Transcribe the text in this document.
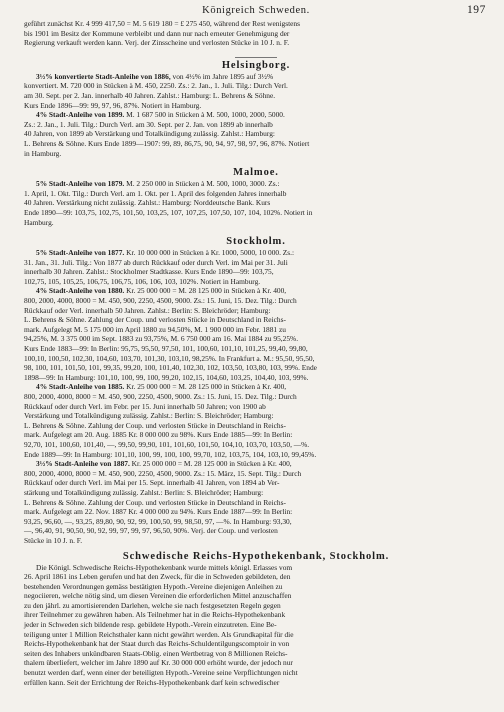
Königreich Schweden.	197

geführt zunächst Kr. 4 999 417,50 = M. 5 619 180 = £ 275 450, während der Rest wenigstens

bis 1901 im Besitz der Kommune verbleibt und dann nur nach erneuter Genehmigung der

Regierung verkauft werden kann. Verj. der Zinsscheine und verlosten Stücke in 10 J. n. F.

Helsingborg.

3½% konvertierte Stadt-Anleihe von 1886, von 4½% im Jahre 1895 auf 3½%

konvertiert. M. 720 000 in Stücken à M. 450, 2250. Zs.: 2. Jan., 1. Juli. Tilg.: Durch Verl.

am 30. Sept. per 2. Jan. innerhalb 40 Jahren. Zahlst.: Hamburg: L. Behrens & Söhne.

Kurs Ende 1896—99: 99, 97, 96, 87%. Notiert in Hamburg.

4% Stadt-Anleihe von 1899. M. 1 687 500 in Stücken à M. 500, 1000, 2000, 5000.

Zs.: 2. Jan., 1. Juli. Tilg.: Durch Verl. am 30. Sept. per 2. Jan. von 1899 ab innerhalb

40 Jahren, von 1899 ab Verstärkung und Totalkündigung zulässig. Zahlst.: Hamburg:

L. Behrens & Söhne. Kurs Ende 1899—1907: 99, 89, 86,75, 90, 94, 97, 98, 97, 96, 87%. Notiert

in Hamburg.

Malmoe.

5% Stadt-Anleihe von 1879. M. 2 250 000 in Stücken à M. 500, 1000, 3000. Zs.:

1. April, 1. Okt. Tilg.: Durch Verl. am 1. Okt. per 1. April des folgenden Jahres innerhalb

40 Jahren. Verstärkung nicht zulässig. Zahlst.: Hamburg: Norddeutsche Bank. Kurs

Ende 1890—99: 103,75, 102,75, 101,50, 103,25, 107, 107,25, 107,50, 107, 104, 102%. Notiert in

Hamburg.

Stockholm.

5% Stadt-Anleihe von 1877. Kr. 10 000 000 in Stücken à Kr. 1000, 5000, 10 000. Zs.:

31. Jan., 31. Juli. Tilg.: Von 1877 ab durch Rückkauf oder durch Verl. im Mai per 31. Juli

innerhalb 30 Jahren. Zahlst.: Stockholmer Stadtkasse. Kurs Ende 1890—99: 103,75,

102,75, 105, 105,25, 106,75, 106,75, 106, 106, 103, 102%. Notiert in Hamburg.

4% Stadt-Anleihe von 1880. Kr. 25 000 000 = M. 28 125 000 in Stücken à Kr. 400,

800, 2000, 4000, 8000 = M. 450, 900, 2250, 4500, 9000. Zs.: 15. Juni, 15. Dez. Tilg.: Durch

Rückkauf oder Verl. innerhalb 50 Jahren. Zahlst.: Berlin: S. Bleichröder; Hamburg:

L. Behrens & Söhne. Zahlung der Coup. und verlosten Stücke in Deutschland in Reichs-

mark. Aufgelegt M. 5 175 000 im April 1880 zu 94,50%, M. 1 900 000 im Febr. 1881 zu

94,25%, M. 3 375 000 im Sept. 1883 zu 93,75%, M. 6 750 000 am 16. Mai 1884 zu 95,25%.

Kurs Ende 1883—99: In Berlin: 95,75, 95,50, 97,50, 101, 100,60, 101,10, 101,25, 99,40, 99,80,

100,10, 100,50, 102,30, 104,60, 103,70, 101,30, 103,10, 98,25%. In Frankfurt a. M.: 95,50, 95,50,

98, 100, 101, 101,50, 101, 99,35, 99,20, 100, 101,40, 102,30, 102, 103,50, 103,80, 103, 99%. Ende

1898—99: In Hamburg: 101,10, 100, 99, 100, 99,20, 102,15, 104,60, 103,25, 104,40, 103, 99%.

4% Stadt-Anleihe von 1885. Kr. 25 000 000 = M. 28 125 000 in Stücken à Kr. 400,

800, 2000, 4000, 8000 = M. 450, 900, 2250, 4500, 9000. Zs.: 15. Juni, 15. Dez. Tilg.: Durch

Rückkauf oder durch Verl. im Febr. per 15. Juni innerhalb 50 Jahren; von 1900 ab

Verstärkung und Totalkündigung zulässig. Zahlst.: Berlin: S. Bleichröder; Hamburg:

L. Behrens & Söhne. Zahlung der Coup. und verlosten Stücke in Deutschland in Reichs-

mark. Aufgelegt am 20. Aug. 1885 Kr. 8 000 000 zu 98%. Kurs Ende 1885—99: In Berlin:

92,70, 101, 100,60, 101,40, —, 99,50, 99,90, 101, 101,60, 101,50, 104,10, 103,70, 103,50, —%.

Ende 1889—99: In Hamburg: 101,10, 100, 99, 100, 100, 99,70, 102, 103,75, 104, 103,10, 99,45%.

3½% Stadt-Anleihe von 1887. Kr. 25 000 000 = M. 28 125 000 in Stücken à Kr. 400,

800, 2000, 4000, 8000 = M. 450, 900, 2250, 4500, 9000. Zs.: 15. März, 15. Sept. Tilg.: Durch

Rückkauf oder durch Verl. im Mai per 15. Sept. innerhalb 41 Jahren, von 1894 ab Ver-

stärkung und Totalkündigung zulässig. Zahlst.: Berlin: S. Bleichröder; Hamburg:

L. Behrens & Söhne. Zahlung der Coup. und verlosten Stücke in Deutschland in Reichs-

mark. Aufgelegt am 22. Nov. 1887 Kr. 4 000 000 zu 94%. Kurs Ende 1887—99: In Berlin:

93,25, 96,60, —, 93,25, 89,80, 90, 92, 99, 100,50, 99, 98,50, 97, —%. In Hamburg: 93,30,

—, 96,40, 91, 90,50, 90, 92, 99, 97, 99, 97, 96,50, 90%. Verj. der Coup. und verlosten

Stücke in 10 J. n. F.

Schwedische Reichs-Hypothekenbank, Stockholm.

Die Königl. Schwedische Reichs-Hypothekenbank wurde mittels königl. Erlasses vom

26. April 1861 ins Leben gerufen und hat den Zweck, für die in Schweden gebildeten, den

bestehenden Verordnungen gemäss bestätigten Hypoth.-Vereine diejenigen Anleihen zu

negociieren, welche nötig sind, um diesen Vereinen die erforderlichen Mittel anzuschaffen

zu den jährl. zu amortisierenden Darlehen, welche sie nach festgesetzten Regeln gegen

ihrer Teilnehmer zu gewähren haben. Als Teilnehmer hat in die Reichs-Hypothekenbank

jeder in Schweden sich bildende resp. gebildete Hypoth.-Verein einzutreten. Eine Be-

teiligung unter 1 Million Reichsthaler kann nicht gewährt werden. Als Grundkapital für die

Reichs-Hypothekenbank hat der Staat durch das Reichs-Schuldentilgungscomptoir in von

seiten des Inhabers unkündbaren Staats-Oblig. einen Wertbetrag von 8 Millionen Reichs-

thalern überliefert, welcher im Jahre 1890 auf Kr. 30 000 000 erhöht wurde, der jedoch nur

benutzt werden darf, wenn einer der beteiligten Hypoth.-Vereine seine Verpflichtungen nicht

erfüllen kann. Seit der Errichtung der Reichs-Hypothekenbank darf kein schwedischer
